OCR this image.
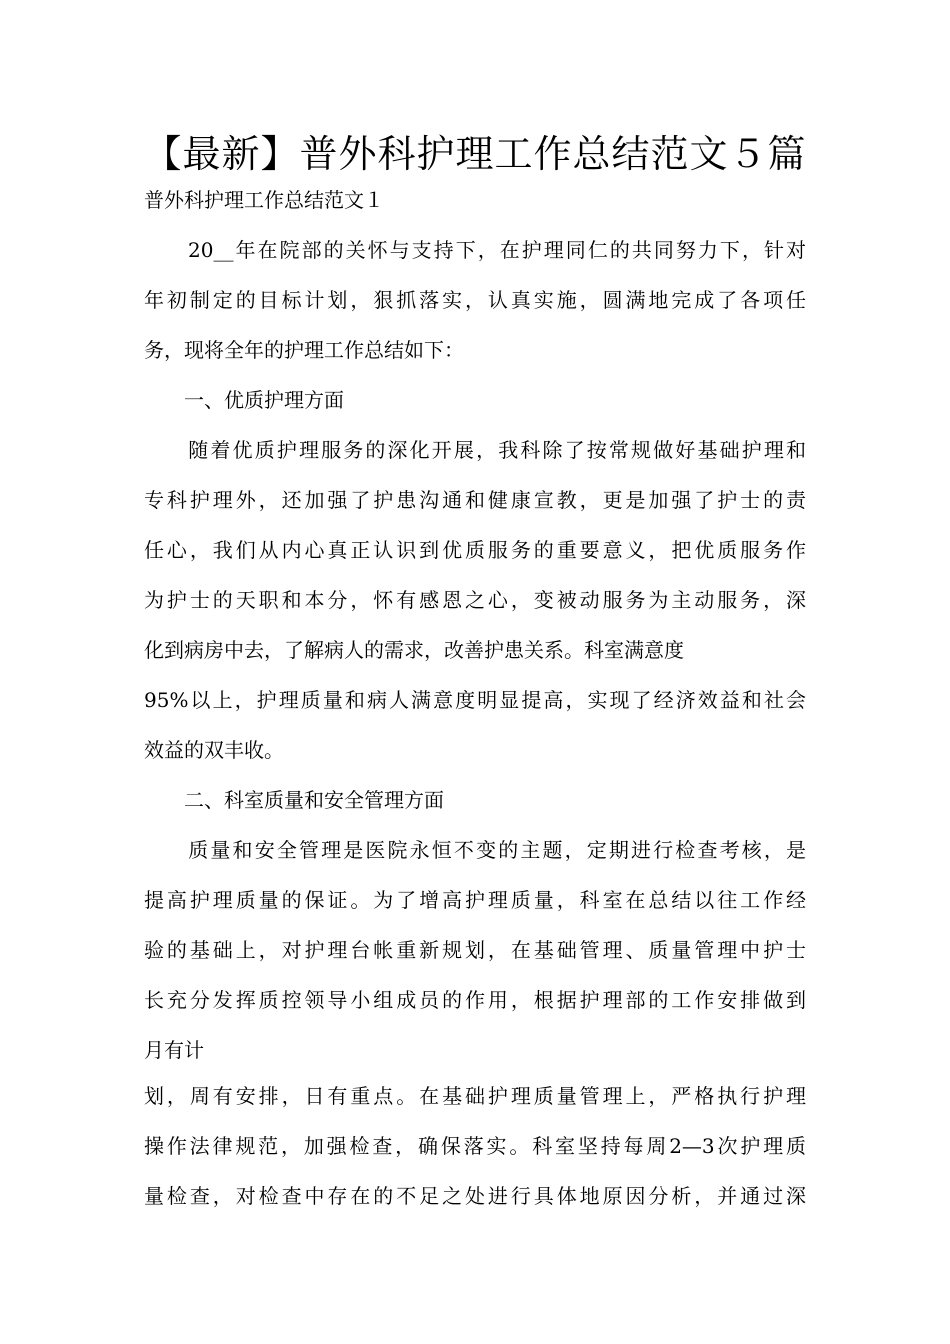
【最新】普外科护理工作总结范文５篇
普外科护理工作总结范文１
　　20__年在院部的关怀与支持下，在护理同仁的共同努力下，针对
年初制定的目标计划，狠抓落实，认真实施，圆满地完成了各项任
务，现将全年的护理工作总结如下：
　　一、优质护理方面
　　随着优质护理服务的深化开展，我科除了按常规做好基础护理和
专科护理外，还加强了护患沟通和健康宣教，更是加强了护士的责
任心，我们从内心真正认识到优质服务的重要意义，把优质服务作
为护士的天职和本分，怀有感恩之心，变被动服务为主动服务，深
化到病房中去，了解病人的需求，改善护患关系。科室满意度
95%以上，护理质量和病人满意度明显提高，实现了经济效益和社会
效益的双丰收。
　　二、科室质量和安全管理方面
　　质量和安全管理是医院永恒不变的主题，定期进行检查考核，是
提高护理质量的保证。为了增高护理质量，科室在总结以往工作经
验的基础上，对护理台帐重新规划，在基础管理、质量管理中护士
长充分发挥质控领导小组成员的作用，根据护理部的工作安排做到
月有计
划，周有安排，日有重点。在基础护理质量管理上，严格执行护理
操作法律规范，加强检查，确保落实。科室坚持每周2—3次护理质
量检查，对检查中存在的不足之处进行具体地原因分析，并通过深
